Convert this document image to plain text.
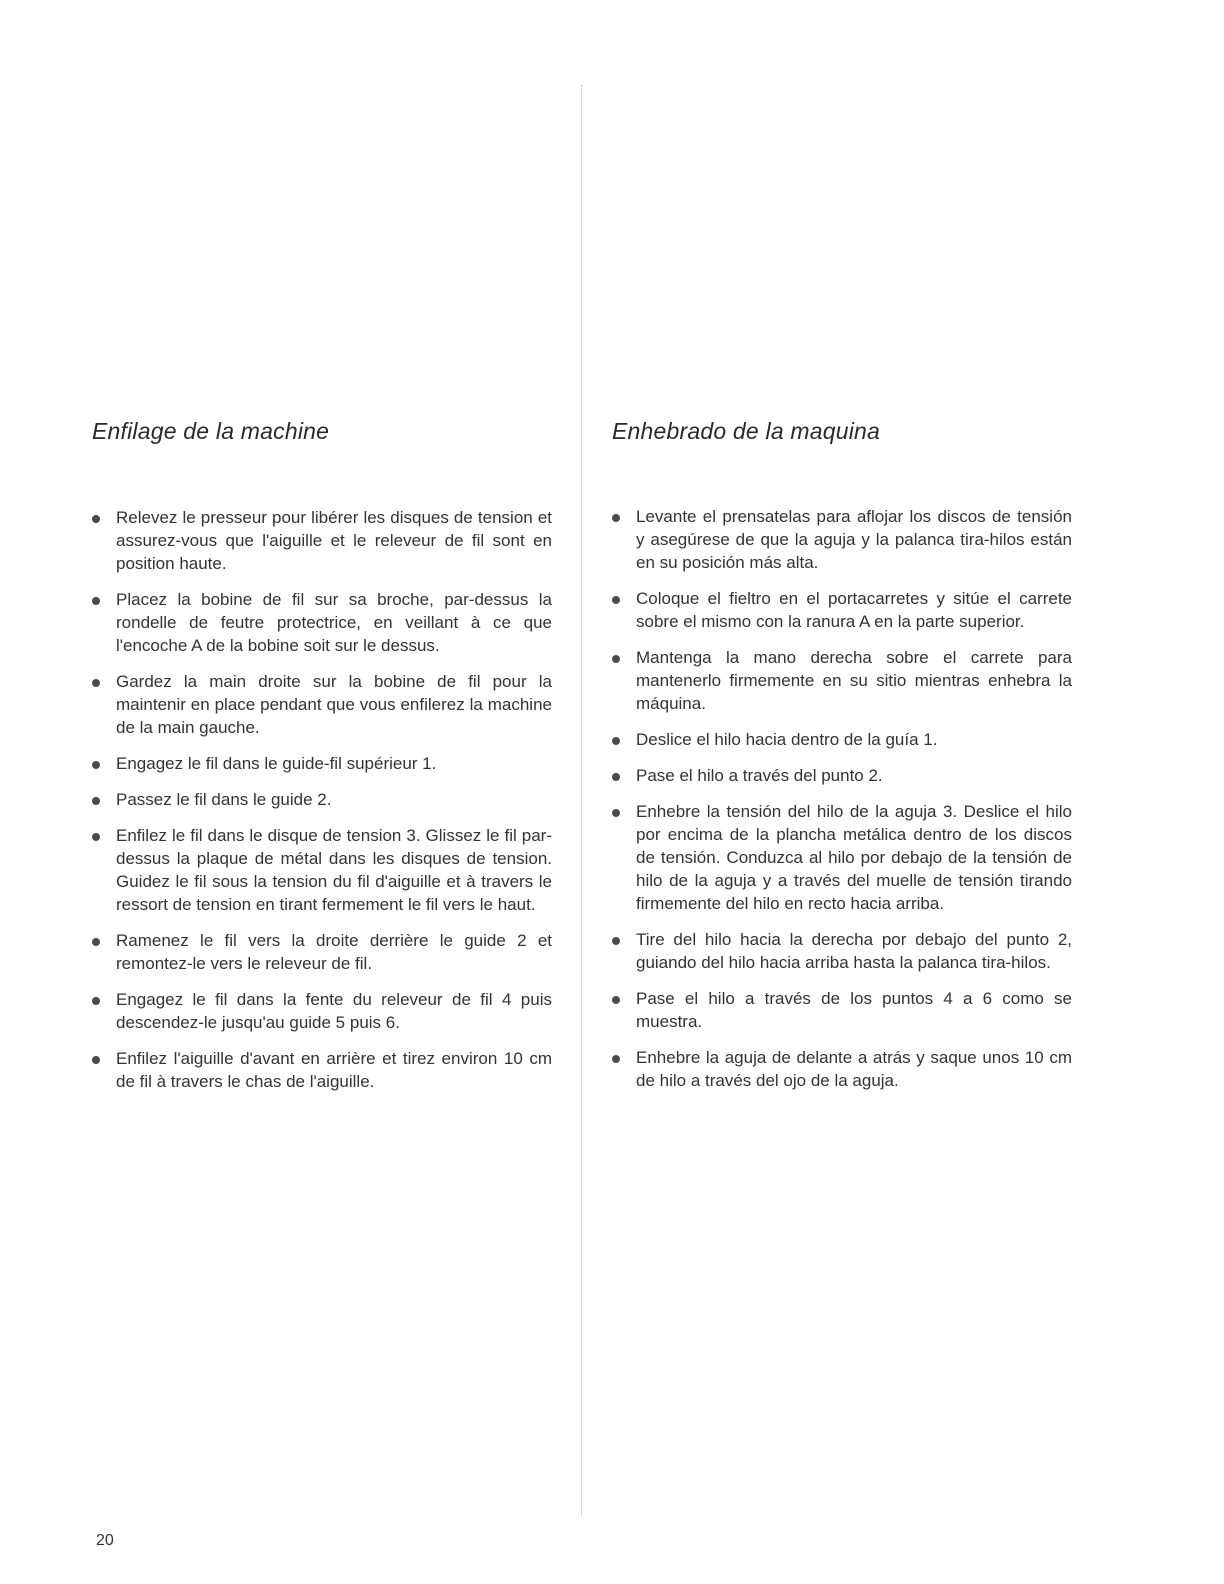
Enfilage de la machine
Relevez le presseur pour libérer les disques de tension et assurez-vous que l'aiguille et le releveur de fil sont en position haute.
Placez la bobine de fil sur sa broche, par-dessus la rondelle de feutre protectrice, en veillant à ce que l'encoche A de la bobine soit sur le dessus.
Gardez la main droite sur la bobine de fil pour la maintenir en place pendant que vous enfilerez la machine de la main gauche.
Engagez le fil dans le guide-fil supérieur 1.
Passez le fil dans le guide 2.
Enfilez le fil dans le disque de tension 3. Glissez le fil par-dessus la plaque de métal dans les disques de tension. Guidez le fil sous la tension du fil d'aiguille et à travers le ressort de tension en tirant fermement le fil vers le haut.
Ramenez le fil vers la droite derrière le guide 2 et remontez-le vers le releveur de fil.
Engagez le fil dans la fente du releveur de fil 4 puis descendez-le jusqu'au guide 5 puis 6.
Enfilez l'aiguille d'avant en arrière et tirez environ 10 cm de fil à travers le chas de l'aiguille.
Enhebrado de la maquina
Levante el prensatelas para aflojar los discos de tensión y asegúrese de que la aguja y la palanca tira-hilos están en su posición más alta.
Coloque el fieltro en el portacarretes y sitúe el carrete sobre el mismo con la ranura A en la parte superior.
Mantenga la mano derecha sobre el carrete para mantenerlo firmemente en su sitio mientras enhebra la máquina.
Deslice el hilo hacia dentro de la guía 1.
Pase el hilo a través del punto 2.
Enhebre la tensión del hilo de la aguja 3. Deslice el hilo por encima de la plancha metálica dentro de los discos de tensión. Conduzca al hilo por debajo de la tensión de hilo de la aguja y a través del muelle de tensión tirando firmemente del hilo en recto hacia arriba.
Tire del hilo hacia la derecha por debajo del punto 2, guiando del hilo hacia arriba hasta la palanca tira-hilos.
Pase el hilo a través de los puntos 4 a 6 como se muestra.
Enhebre la aguja de delante a atrás y saque unos 10 cm de hilo a través del ojo de la aguja.
20
